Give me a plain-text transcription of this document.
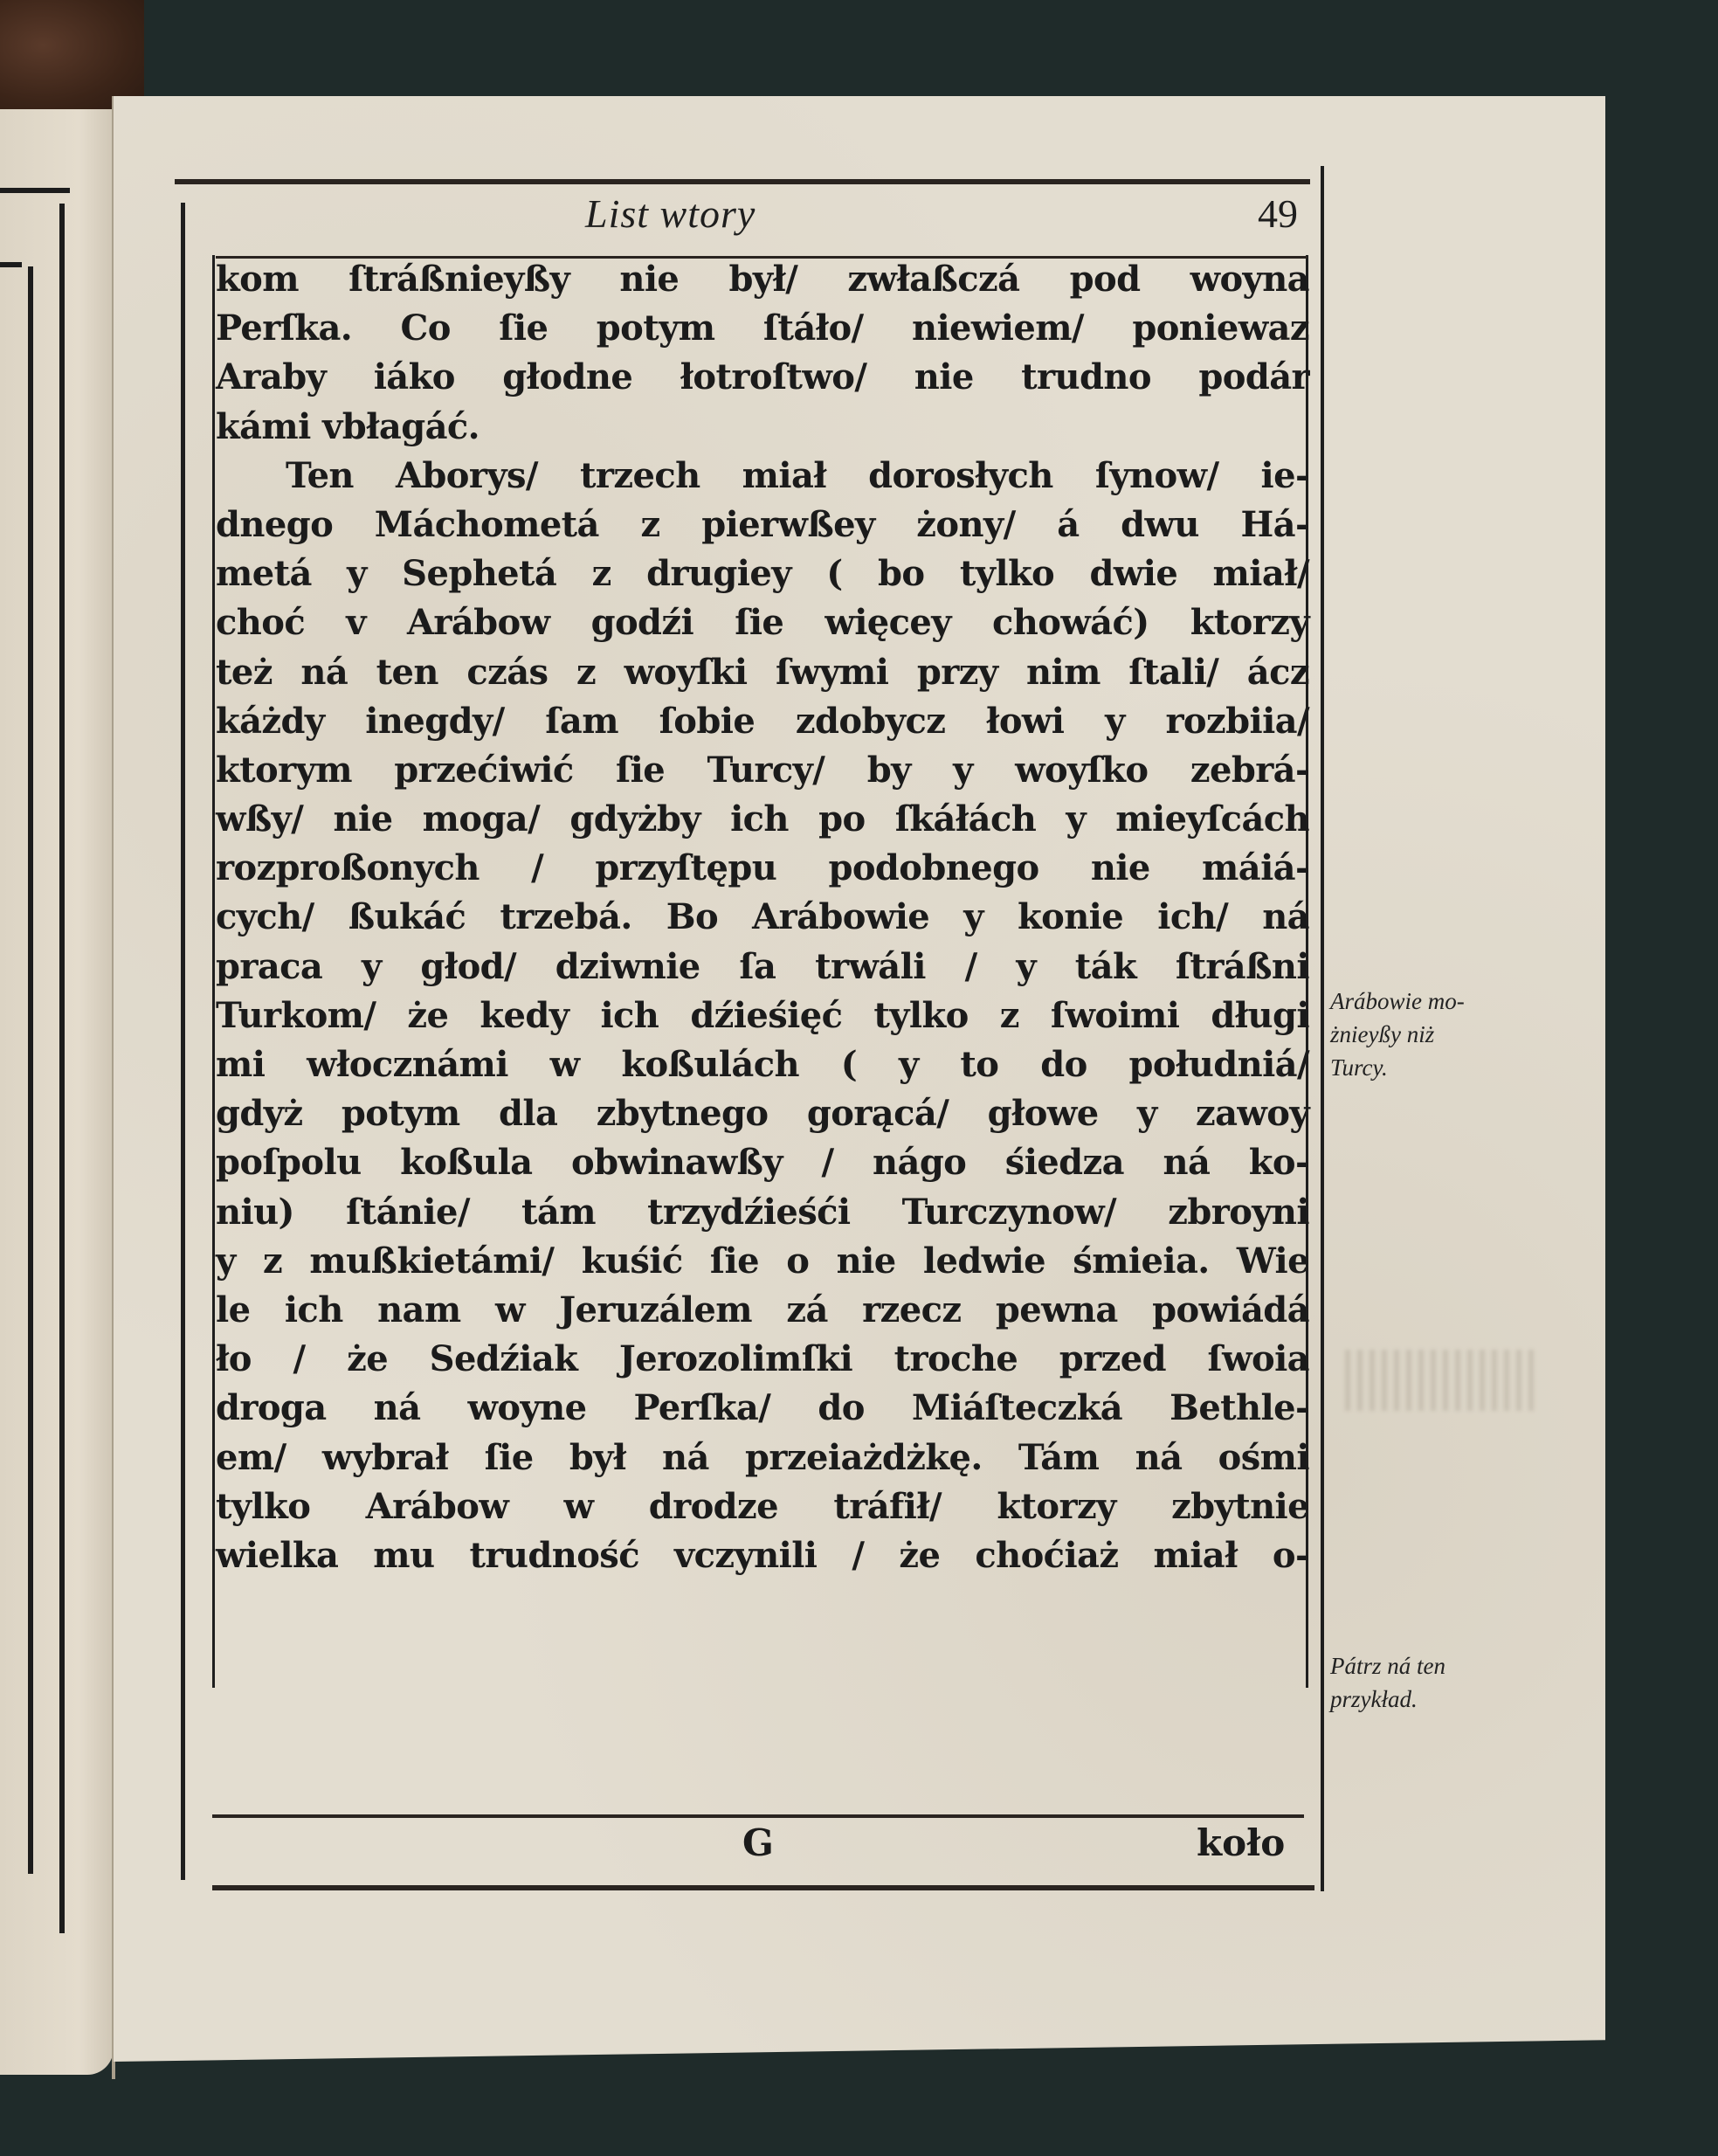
List wtory	49
kom ſtráßnieyßy nie był/ zwłaßczá pod woyna
Perſka. Co ſie potym ſtáło/ niewiem/ poniewaz
Araby iáko głodne łotroſtwo/ nie trudno podár
kámi vbłagáć.
Ten Aborys/ trzech miał dorosłych ſynow/ ie-
dnego Máchometá z pierwßey żony/ á dwu Há-
metá y Sephetá z drugiey ( bo tylko dwie miał/
choć v Arábow godźi ſie więcey chowáć) ktorzy
też ná ten czás z woyſki ſwymi przy nim ſtali/ ácz
káżdy inegdy/ ſam ſobie zdobycz łowi y rozbiia/
ktorym przećiwić ſie Turcy/ by y woyſko zebrá-
wßy/ nie moga/ gdyżby ich po ſkáłách y mieyſcách
rozproßonych / przyſtępu podobnego nie máiá-
cych/ ßukáć trzebá. Bo Arábowie y konie ich/ ná
praca y głod/ dziwnie ſa trwáli / y ták ſtráßni
Turkom/ że kedy ich dźieśięć tylko z ſwoimi długi
mi włocznámi w koßulách ( y to do południá/
gdyż potym dla zbytnego gorącá/ głowe y zawoy
poſpolu koßula obwinawßy / nágo śiedza ná ko-
niu) ſtánie/ tám trzydźieśći Turczynow/ zbroyni
y z mußkietámi/ kuśić ſie o nie ledwie śmieia. Wie
le ich nam w Jeruzálem zá rzecz pewna powiádá
ło / że Sedźiak Jerozolimſki troche przed ſwoia
droga ná woyne Perſka/ do Miáſteczká Bethle-
em/ wybrał ſie był ná przeiażdżkę. Tám ná ośmi
tylko Arábow w drodze tráfił/ ktorzy zbytnie
wielka mu trudność vczynili / że choćiaż miał o-
G	koło
Arábowie mo-
żnieyßy niż
Turcy.
Pátrz ná ten
przykład.
